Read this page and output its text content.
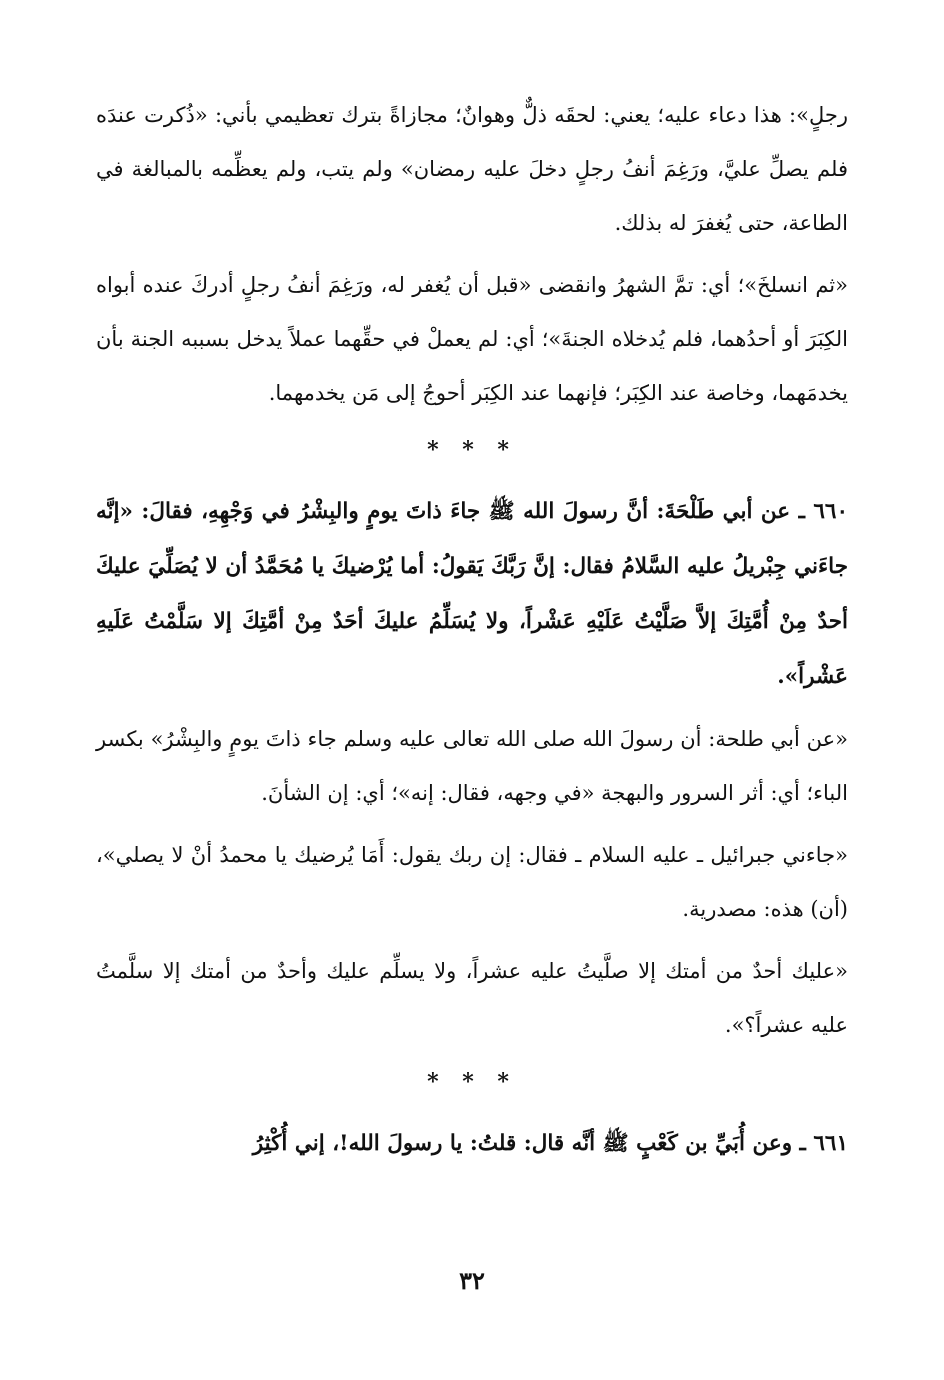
رجلٍ»: هذا دعاء عليه؛ يعني: لحقَه ذلٌّ وهوانٌ؛ مجازاةً بترك تعظيمي بأني: «ذُكرت عندَه فلم يصلِّ عليَّ، ورَغِمَ أنفُ رجلٍ دخلَ عليه رمضان» ولم يتب، ولم يعظِّمه بالمبالغة في الطاعة، حتى يُغفرَ له بذلك.

«ثم انسلخَ»؛ أي: تمَّ الشهرُ وانقضى «قبل أن يُغفر له، ورَغِمَ أنفُ رجلٍ أدركَ عنده أبواه الكِبَرَ أو أحدُهما، فلم يُدخلاه الجنةَ»؛ أي: لم يعملْ في حقِّهما عملاً يدخل بسببه الجنة بأن يخدمَهما، وخاصة عند الكِبَر؛ فإنهما عند الكِبَر أحوجُ إلى مَن يخدمهما.

* * *

٦٦٠ ـ عن أبي طَلْحَةَ: أنَّ رسولَ الله ﷺ جاءَ ذاتَ يومٍ والبِشْرُ في وَجْهِهِ، فقالَ: «إنَّه جاءَني جِبْريلُ عليه السَّلامُ فقال: إنَّ رَبَّكَ يَقولُ: أما يُرْضيكَ يا مُحَمَّدُ أن لا يُصَلِّيَ عليكَ أحدٌ مِنْ أُمَّتِكَ إلاَّ صَلَّيْتُ عَلَيْهِ عَشْراً، ولا يُسَلِّمُ عليكَ أحَدٌ مِنْ أمَّتِكَ إلا سَلَّمْتُ عَلَيهِ عَشْراً».

«عن أبي طلحة: أن رسولَ الله صلى الله تعالى عليه وسلم جاء ذاتَ يومٍ والبِشْرُ» بكسر الباء؛ أي: أثر السرور والبهجة «في وجهه، فقال: إنه»؛ أي: إن الشأنَ.

«جاءني جبرائيل ـ عليه السلام ـ فقال: إن ربك يقول: أَمَا يُرضيك يا محمدُ أنْ لا يصلي»، (أن) هذه: مصدرية.

«عليك أحدٌ من أمتك إلا صلَّيتُ عليه عشراً، ولا يسلِّم عليك وأحدٌ من أمتك إلا سلَّمتُ عليه عشراً؟».

* * *

٦٦١ ـ وعن أُبَيِّ بن كَعْبٍ ﷺ أنَّه قال: قلتُ: يا رسولَ الله!، إني أُكْثِرُ

٣٢
